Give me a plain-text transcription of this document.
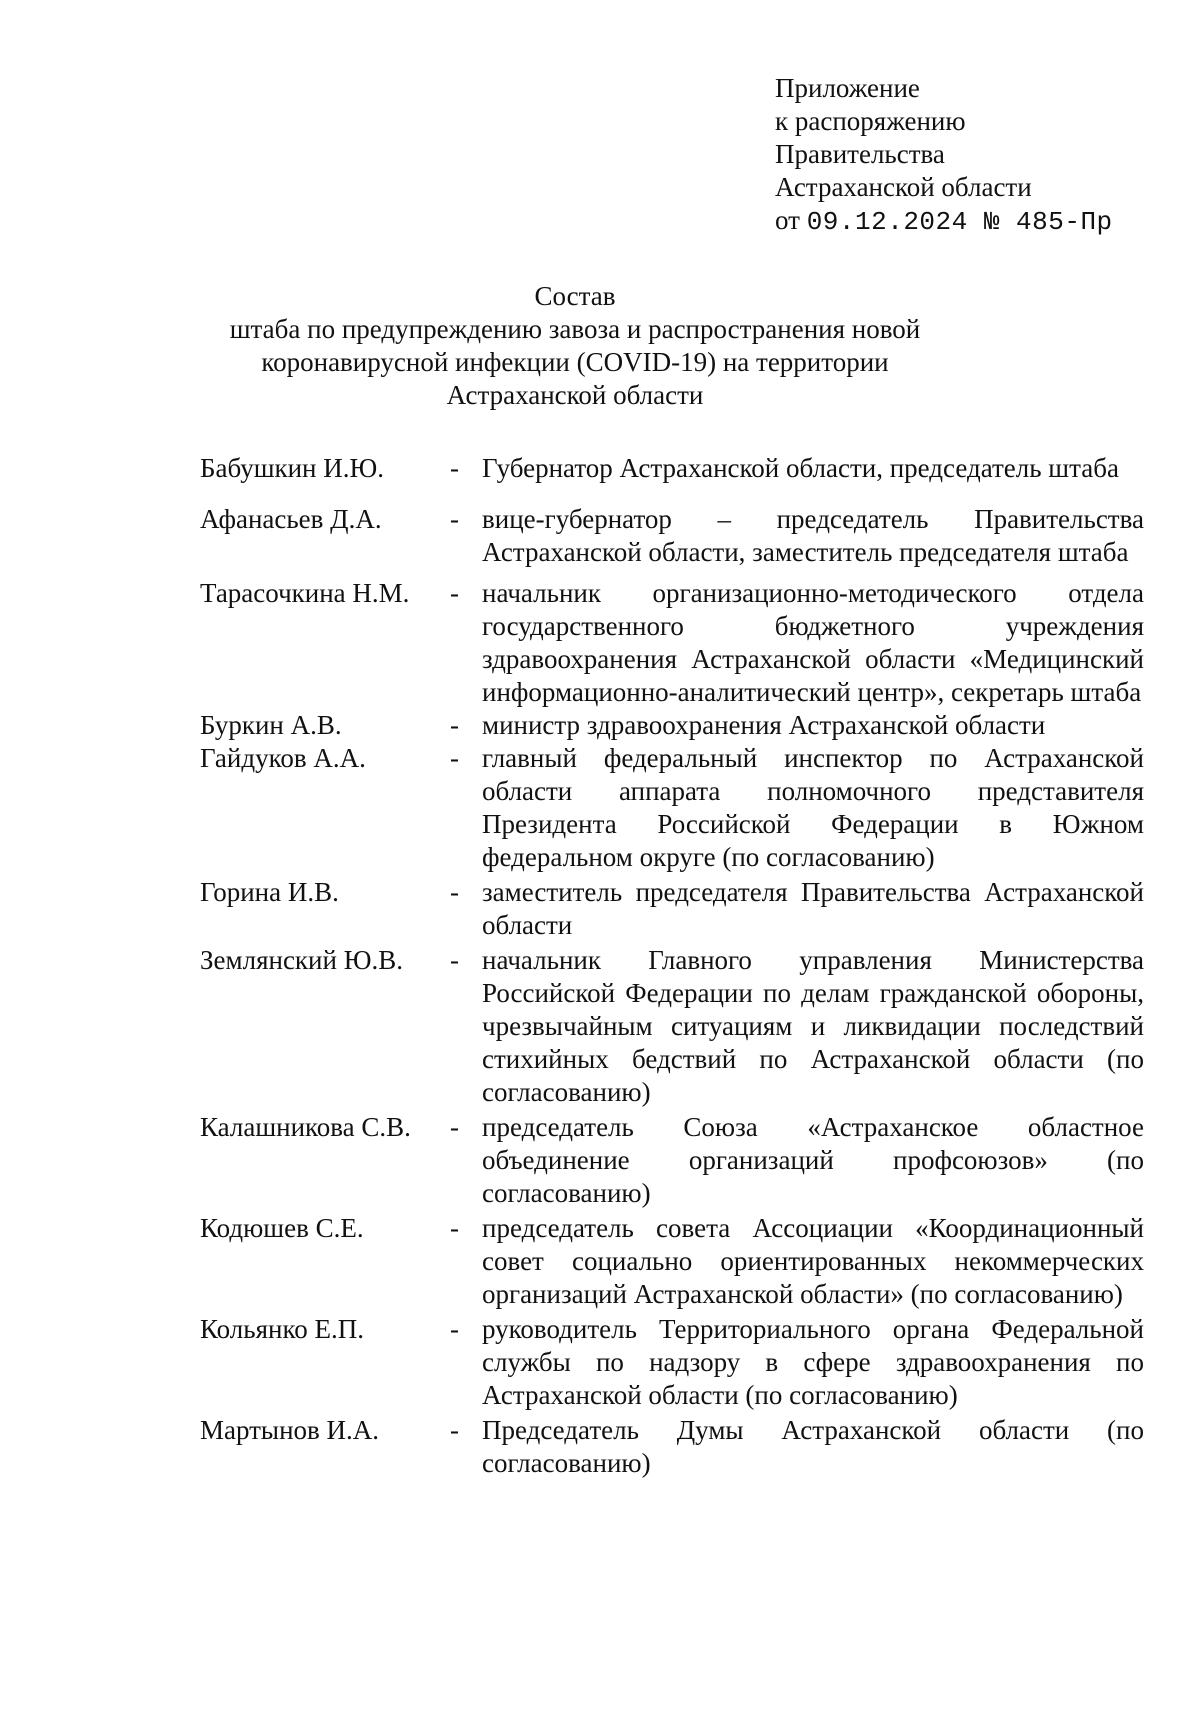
Приложение
к распоряжению
Правительства
Астраханской области
от 09.12.2024 № 485-Пр
Состав
штаба по предупреждению завоза и распространения новой
коронавирусной инфекции (COVID-19) на территории
Астраханской области
Бабушкин И.Ю.	- Губернатор Астраханской области, председатель штаба
Афанасьев Д.А.	- вице-губернатор – председатель Правительства Астраханской области, заместитель председателя штаба
Тарасочкина Н.М.	- начальник организационно-методического отдела государственного бюджетного учреждения здравоохранения Астраханской области «Медицинский информационно-аналитический центр», секретарь штаба
Буркин А.В.	- министр здравоохранения Астраханской области
Гайдуков А.А.	- главный федеральный инспектор по Астраханской области аппарата полномочного представителя Президента Российской Федерации в Южном федеральном округе (по согласованию)
Горина И.В.	- заместитель председателя Правительства Астраханской области
Землянский Ю.В.	- начальник Главного управления Министерства Российской Федерации по делам гражданской обороны, чрезвычайным ситуациям и ликвидации последствий стихийных бедствий по Астраханской области (по согласованию)
Калашникова С.В.	- председатель Союза «Астраханское областное объединение организаций профсоюзов» (по согласованию)
Кодюшев С.Е.	- председатель совета Ассоциации «Координационный совет социально ориентированных некоммерческих организаций Астраханской области» (по согласованию)
Кольянко Е.П.	- руководитель Территориального органа Федеральной службы по надзору в сфере здравоохранения по Астраханской области (по согласованию)
Мартынов И.А.	- Председатель Думы Астраханской области (по согласованию)
